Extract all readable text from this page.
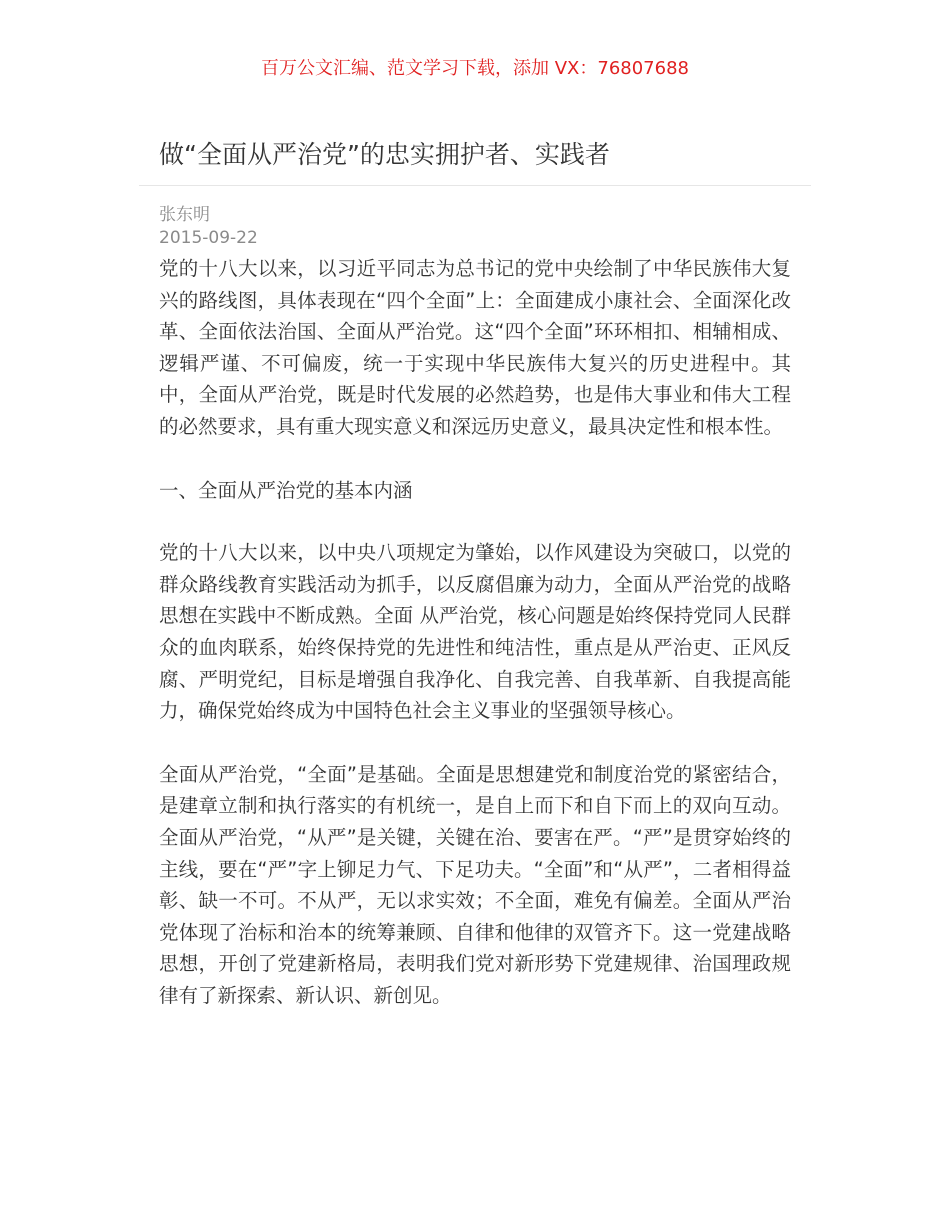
百万公文汇编、范文学习下载，添加 VX：76807688
做“全面从严治党”的忠实拥护者、实践者
张东明
2015-09-22

党的十八大以来，以习近平同志为总书记的党中央绘制了中华民族伟大复兴的路线图，具体表现在“四个全面”上：全面建成小康社会、全面深化改革、全面依法治国、全面从严治党。这“四个全面”环环相扣、相辅相成、逻辑严谨、不可偏废，统一于实现中华民族伟大复兴的历史进程中。其中，全面从严治党，既是时代发展的必然趋势，也是伟大事业和伟大工程的必然要求，具有重大现实意义和深远历史意义，最具决定性和根本性。

一、全面从严治党的基本内涵

党的十八大以来，以中央八项规定为肇始，以作风建设为突破口，以党的群众路线教育实践活动为抓手，以反腐倡廉为动力，全面从严治党的战略思想在实践中不断成熟。全面 从严治党，核心问题是始终保持党同人民群众的血肉联系，始终保持党的先进性和纯洁性，重点是从严治吏、正风反腐、严明党纪，目标是增强自我净化、自我完善、自我革新、自我提高能力，确保党始终成为中国特色社会主义事业的坚强领导核心。

全面从严治党，“全面”是基础。全面是思想建党和制度治党的紧密结合，是建章立制和执行落实的有机统一，是自上而下和自下而上的双向互动。全面从严治党，“从严”是关键，关键在治、要害在严。“严”是贯穿始终的主线，要在“严”字上铆足力气、下足功夫。“全面”和“从严”，二者相得益彰、缺一不可。不从严，无以求实效；不全面，难免有偏差。全面从严治党体现了治标和治本的统筹兼顾、自律和他律的双管齐下。这一党建战略思想，开创了党建新格局，表明我们党对新形势下党建规律、治国理政规律有了新探索、新认识、新创见。
